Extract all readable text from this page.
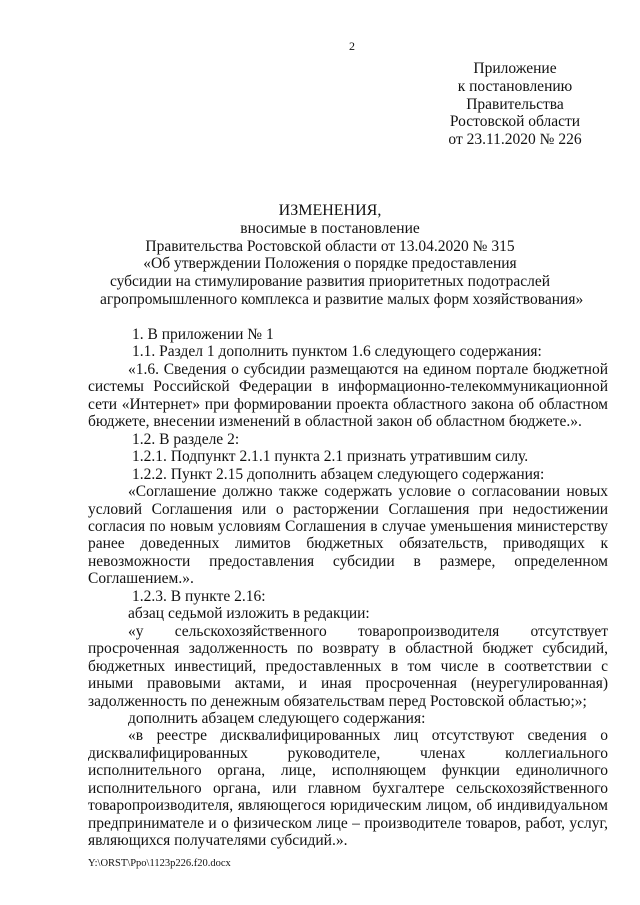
2
Приложение
к постановлению
Правительства
Ростовской области
от 23.11.2020 № 226
ИЗМЕНЕНИЯ,
вносимые в постановление
Правительства Ростовской области от 13.04.2020 № 315
«Об утверждении Положения о порядке предоставления
субсидии на стимулирование развития приоритетных подотраслей
агропромышленного комплекса и развитие малых форм хозяйствования»

1. В приложении № 1

1.1. Раздел 1 дополнить пунктом 1.6 следующего содержания:

«1.6. Сведения о субсидии размещаются на едином портале бюджетной системы Российской Федерации в информационно-телекоммуникационной сети «Интернет» при формировании проекта областного закона об областном бюджете, внесении изменений в областной закон об областном бюджете.».

1.2. В разделе 2:

1.2.1. Подпункт 2.1.1 пункта 2.1 признать утратившим силу.

1.2.2. Пункт 2.15 дополнить абзацем следующего содержания:

«Соглашение должно также содержать условие о согласовании новых условий Соглашения или о расторжении Соглашения при недостижении согласия по новым условиям Соглашения в случае уменьшения министерству ранее доведенных лимитов бюджетных обязательств, приводящих к невозможности предоставления субсидии в размере, определенном Соглашением.».

1.2.3. В пункте 2.16:

абзац седьмой изложить в редакции:

«у сельскохозяйственного товаропроизводителя отсутствует просроченная задолженность по возврату в областной бюджет субсидий, бюджетных инвестиций, предоставленных в том числе в соответствии с иными правовыми актами, и иная просроченная (неурегулированная) задолженность по денежным обязательствам перед Ростовской областью;»;

дополнить абзацем следующего содержания:

«в реестре дисквалифицированных лиц отсутствуют сведения о дисквалифицированных руководителе, членах коллегиального исполнительного органа, лице, исполняющем функции единоличного исполнительного органа, или главном бухгалтере сельскохозяйственного товаропроизводителя, являющегося юридическим лицом, об индивидуальном предпринимателе и о физическом лице – производителе товаров, работ, услуг, являющихся получателями субсидий.».

Y:\ORST\Ppo\1123p226.f20.docx
